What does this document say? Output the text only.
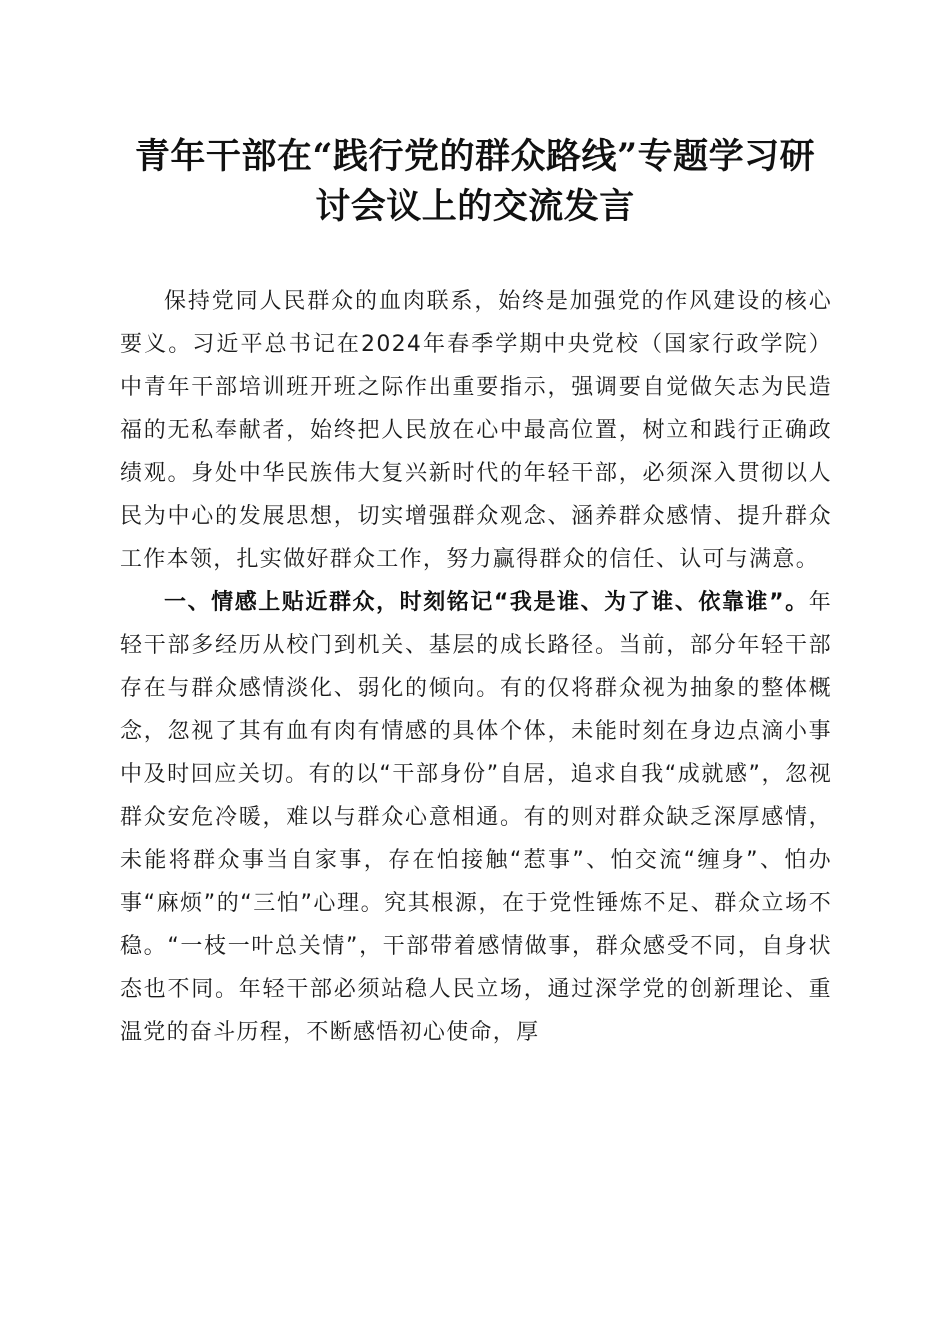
青年干部在“践行党的群众路线”专题学习研
讨会议上的交流发言

保持党同人民群众的血肉联系，始终是加强党的作风建设的核心要义。习近平总书记在2024年春季学期中央党校（国家行政学院）中青年干部培训班开班之际作出重要指示，强调要自觉做矢志为民造福的无私奉献者，始终把人民放在心中最高位置，树立和践行正确政绩观。身处中华民族伟大复兴新时代的年轻干部，必须深入贯彻以人民为中心的发展思想，切实增强群众观念、涵养群众感情、提升群众工作本领，扎实做好群众工作，努力赢得群众的信任、认可与满意。

一、情感上贴近群众，时刻铭记“我是谁、为了谁、依靠谁”。年轻干部多经历从校门到机关、基层的成长路径。当前，部分年轻干部存在与群众感情淡化、弱化的倾向。有的仅将群众视为抽象的整体概念，忽视了其有血有肉有情感的具体个体，未能时刻在身边点滴小事中及时回应关切。有的以“干部身份”自居，追求自我“成就感”，忽视群众安危冷暖，难以与群众心意相通。有的则对群众缺乏深厚感情，未能将群众事当自家事，存在怕接触“惹事”、怕交流“缠身”、怕办事“麻烦”的“三怕”心理。究其根源，在于党性锤炼不足、群众立场不稳。“一枝一叶总关情”，干部带着感情做事，群众感受不同，自身状态也不同。年轻干部必须站稳人民立场，通过深学党的创新理论、重温党的奋斗历程，不断感悟初心使命，厚
